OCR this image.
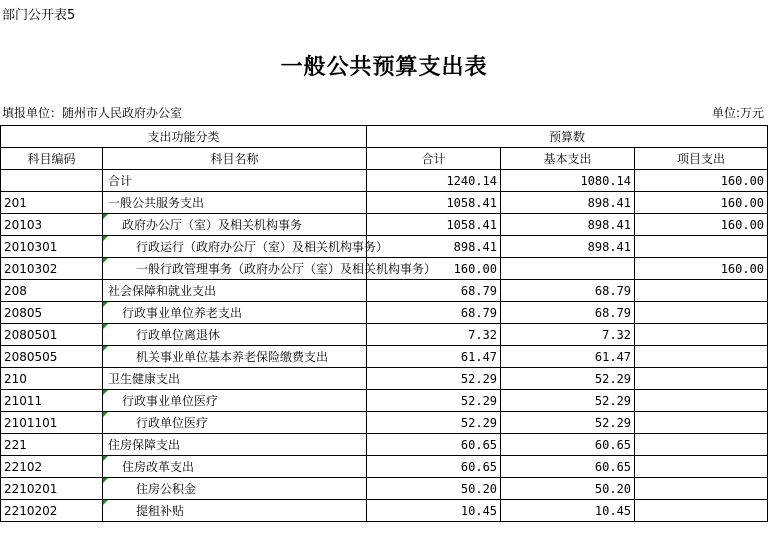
部门公开表5
一般公共预算支出表
填报单位：随州市人民政府办公室	单位:万元
支出功能分类		预算数		
科目编码	科目名称	合计	基本支出	项目支出
	合计	1240.14	1080.14	160.00
201	一般公共服务支出	1058.41	898.41	160.00
20103	政府办公厅（室）及相关机构事务	1058.41	898.41	160.00
2010301	行政运行（政府办公厅（室）及相关机构事务）	898.41	898.41	
2010302	一般行政管理事务（政府办公厅（室）及相关机构事务）	160.00		160.00
208	社会保障和就业支出	68.79	68.79	
20805	行政事业单位养老支出	68.79	68.79	
2080501	行政单位离退休	7.32	7.32	
2080505	机关事业单位基本养老保险缴费支出	61.47	61.47	
210	卫生健康支出	52.29	52.29	
21011	行政事业单位医疗	52.29	52.29	
2101101	行政单位医疗	52.29	52.29	
221	住房保障支出	60.65	60.65	
22102	住房改革支出	60.65	60.65	
2210201	住房公积金	50.20	50.20	
2210202	提租补贴	10.45	10.45	
